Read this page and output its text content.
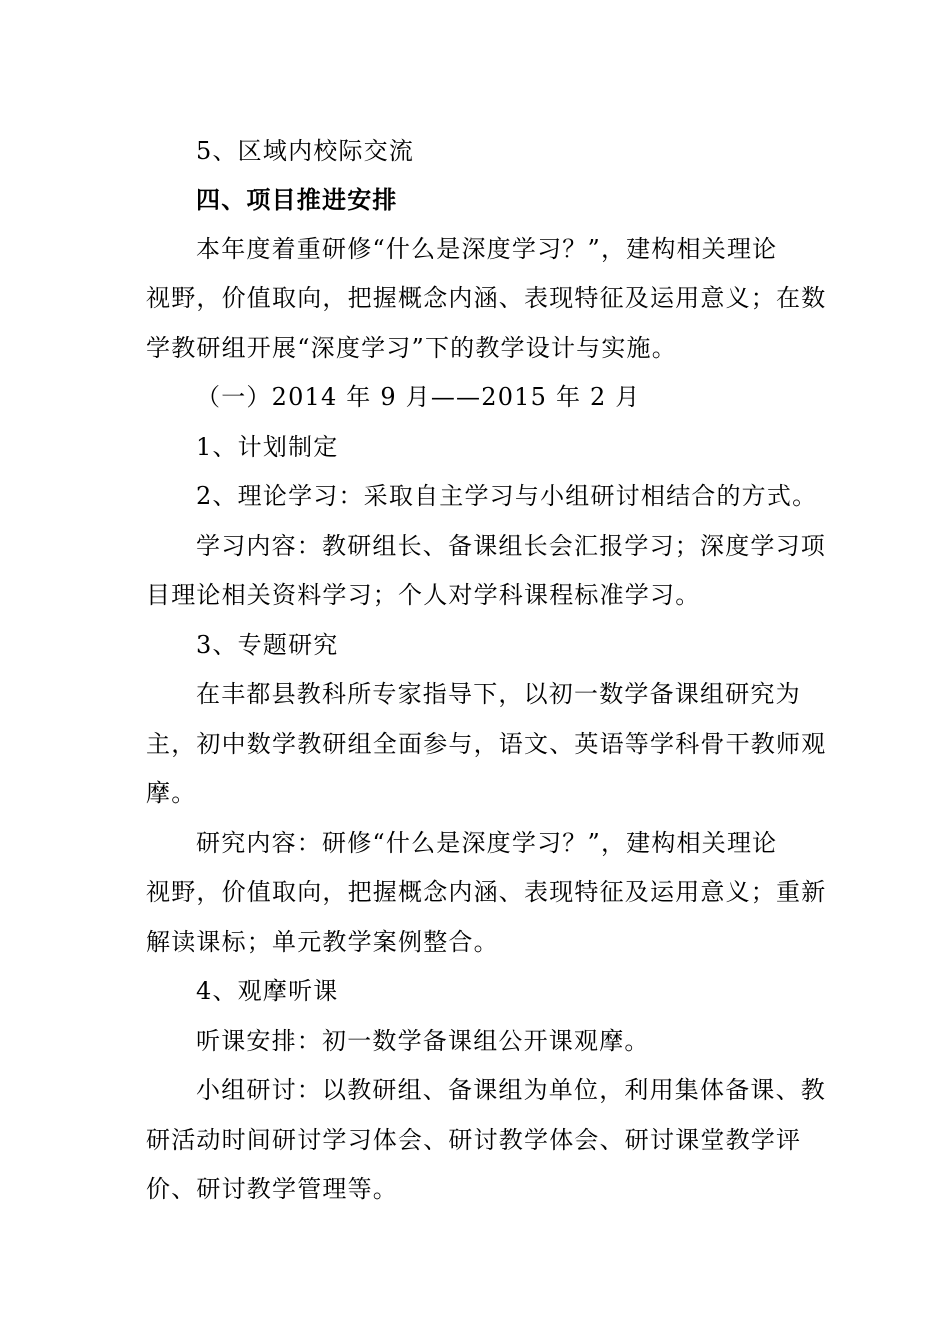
5、区域内校际交流
四、项目推进安排
本年度着重研修“什么是深度学习？”，建构相关理论
视野，价值取向，把握概念内涵、表现特征及运用意义；在数
学教研组开展“深度学习”下的教学设计与实施。
（一）2014 年 9 月——2015 年 2 月
1、计划制定
2、理论学习：采取自主学习与小组研讨相结合的方式。
学习内容：教研组长、备课组长会汇报学习；深度学习项
目理论相关资料学习；个人对学科课程标准学习。
3、专题研究
在丰都县教科所专家指导下，以初一数学备课组研究为
主，初中数学教研组全面参与，语文、英语等学科骨干教师观
摩。
研究内容：研修“什么是深度学习？”，建构相关理论
视野，价值取向，把握概念内涵、表现特征及运用意义；重新
解读课标；单元教学案例整合。
4、观摩听课
听课安排：初一数学备课组公开课观摩。
小组研讨：以教研组、备课组为单位，利用集体备课、教
研活动时间研讨学习体会、研讨教学体会、研讨课堂教学评
价、研讨教学管理等。
